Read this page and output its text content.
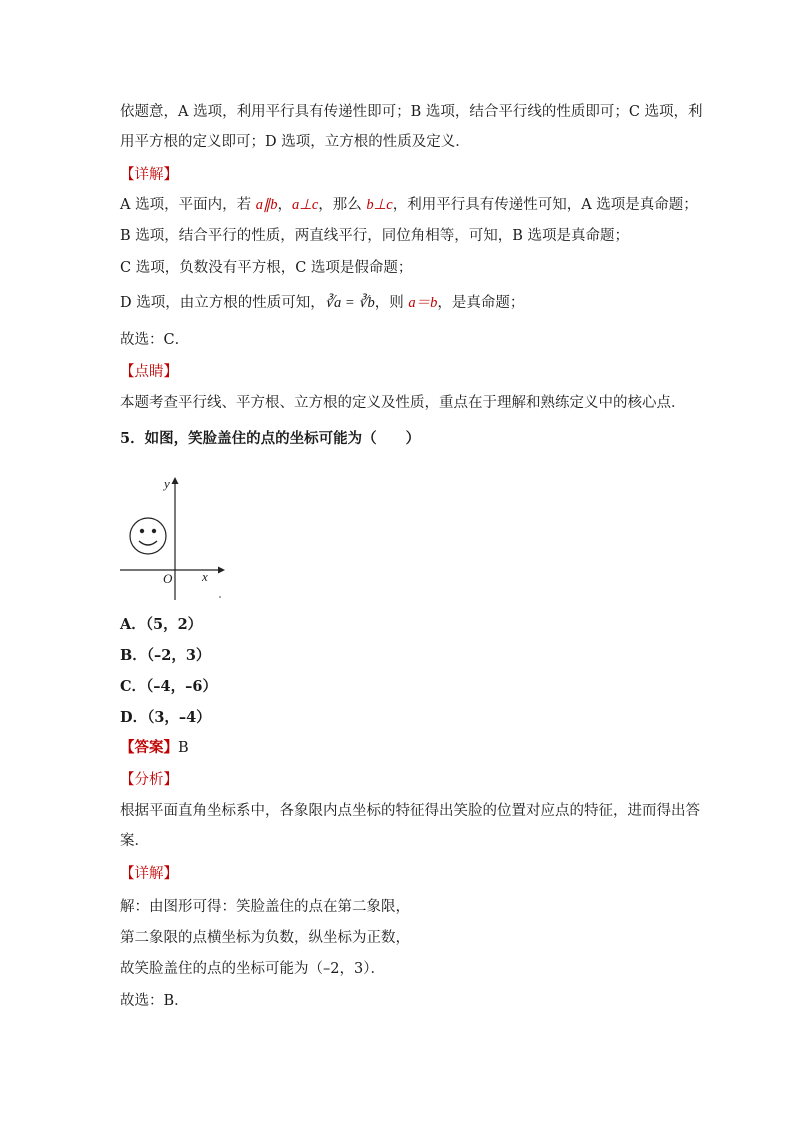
依题意，A 选项，利用平行具有传递性即可；B 选项，结合平行线的性质即可；C 选项，利
用平方根的定义即可；D 选项，立方根的性质及定义．
【详解】
A 选项，平面内，若 a∥b，a⊥c，那么 b⊥c，利用平行具有传递性可知，A 选项是真命题；
B 选项，结合平行的性质，两直线平行，同位角相等，可知，B 选项是真命题；
C 选项，负数没有平方根，C 选项是假命题；
D 选项，由立方根的性质可知，∛a = ∛b，则 a＝b，是真命题；
故选：C．
【点睛】
本题考查平行线、平方根、立方根的定义及性质，重点在于理解和熟练定义中的核心点．
5．如图，笑脸盖住的点的坐标可能为（　　）
y
x
O
A．（5，2）
B．（–2，3）
C．（–4，–6）
D．（3，–4）
【答案】B
【分析】
根据平面直角坐标系中，各象限内点坐标的特征得出笑脸的位置对应点的特征，进而得出答
案．
【详解】
解：由图形可得：笑脸盖住的点在第二象限，
第二象限的点横坐标为负数，纵坐标为正数，
故笑脸盖住的点的坐标可能为（–2，3）．
故选：B．
